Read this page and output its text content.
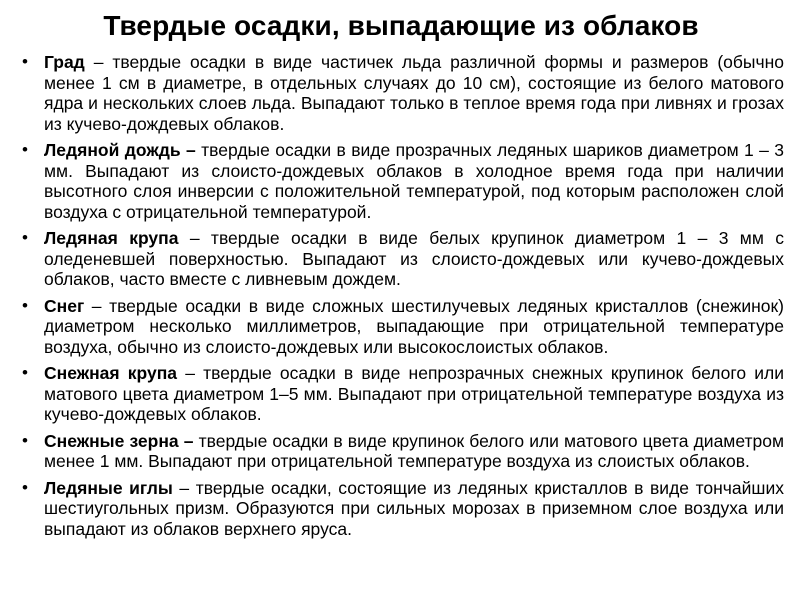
Твердые осадки, выпадающие из облаков
• Град – твердые осадки в виде частичек льда различной формы и размеров (обычно менее 1 см в диаметре, в отдельных случаях до 10 см), состоящие из белого матового ядра и нескольких слоев льда. Выпадают только в теплое время года при ливнях и грозах из кучево-дождевых облаков.
• Ледяной дождь – твердые осадки в виде прозрачных ледяных шариков диаметром 1 – 3 мм. Выпадают из слоисто-дождевых облаков в холодное время года при наличии высотного слоя инверсии с положительной температурой, под которым расположен слой воздуха с отрицательной температурой.
• Ледяная крупа – твердые осадки в виде белых крупинок диаметром 1 – 3 мм с оледеневшей поверхностью. Выпадают из слоисто-дождевых или кучево-дождевых облаков, часто вместе с ливневым дождем.
• Снег – твердые осадки в виде сложных шестилучевых ледяных кристаллов (снежинок) диаметром несколько миллиметров, выпадающие при отрицательной температуре воздуха, обычно из слоисто-дождевых или высокослоистых облаков.
• Снежная крупа – твердые осадки в виде непрозрачных снежных крупинок белого или матового цвета диаметром 1–5 мм. Выпадают при отрицательной температуре воздуха из кучево-дождевых облаков.
• Снежные зерна – твердые осадки в виде крупинок белого или матового цвета диаметром менее 1 мм. Выпадают при отрицательной температуре воздуха из слоистых облаков.
• Ледяные иглы – твердые осадки, состоящие из ледяных кристаллов в виде тончайших шестиугольных призм. Образуются при сильных морозах в приземном слое воздуха или выпадают из облаков верхнего яруса.
